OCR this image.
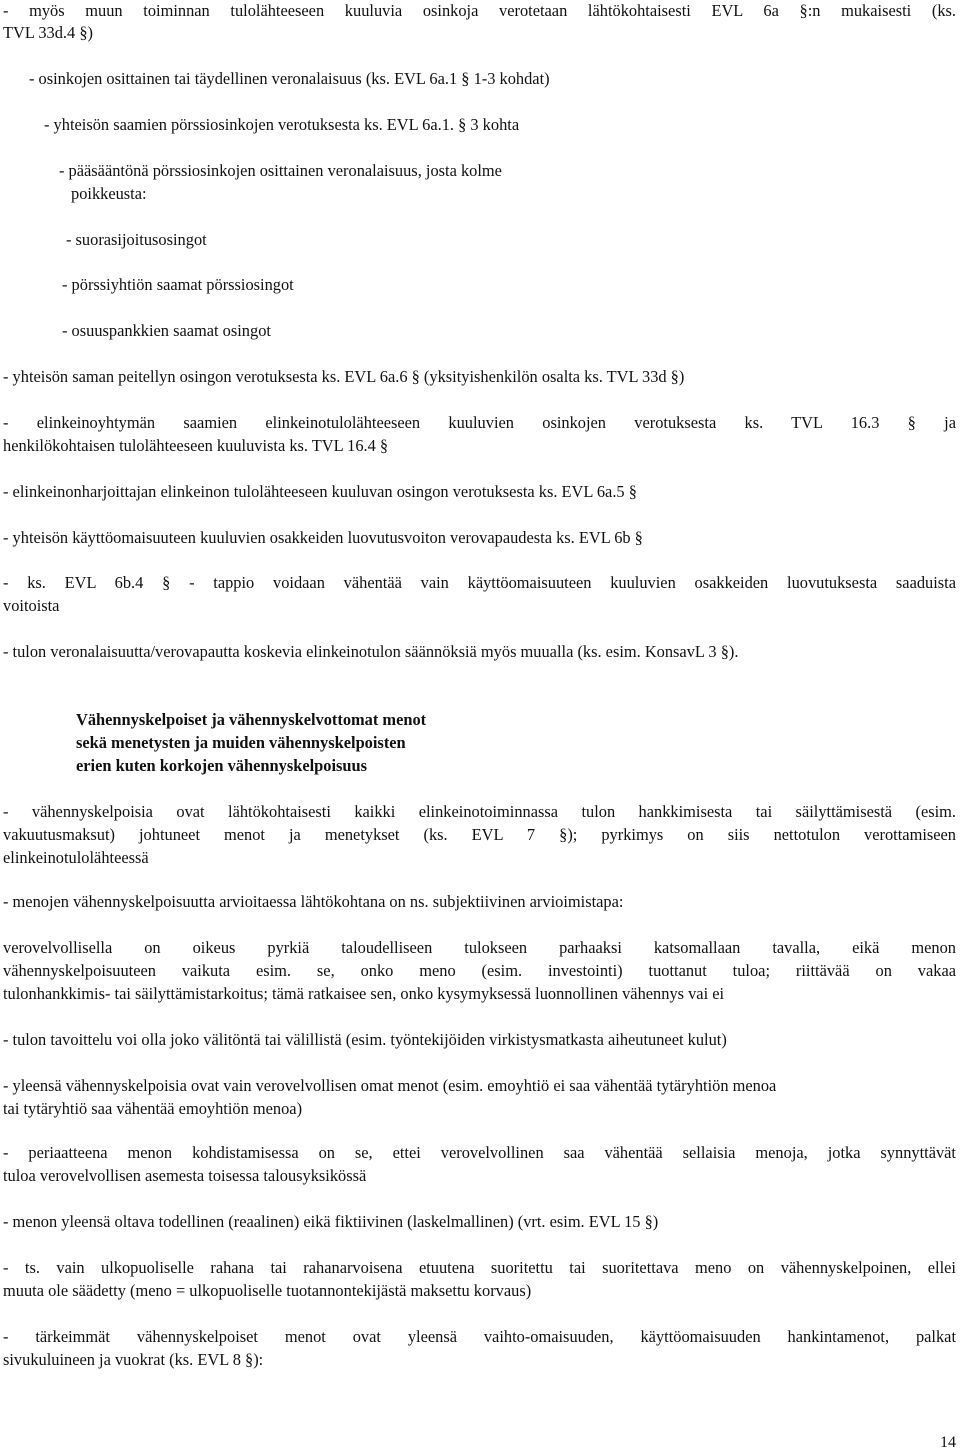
- myös muun toiminnan tulolähteeseen kuuluvia osinkoja verotetaan lähtökohtaisesti EVL 6a §:n mukaisesti (ks.
TVL 33d.4 §)
- osinkojen osittainen tai täydellinen veronalaisuus (ks. EVL 6a.1 § 1-3 kohdat)
- yhteisön saamien pörssiosinkojen verotuksesta ks. EVL 6a.1. § 3 kohta
- pääsääntönä pörssiosinkojen osittainen veronalaisuus, josta kolme
poikkeusta:
- suorasijoitusosingot
- pörssiyhtiön saamat pörssiosingot
- osuuspankkien saamat osingot
- yhteisön saman peitellyn osingon verotuksesta ks. EVL 6a.6 § (yksityishenkilön osalta ks. TVL 33d §)
- elinkeinoyhtymän saamien elinkeinotulolähteeseen kuuluvien osinkojen verotuksesta ks. TVL 16.3 § ja
henkilökohtaisen tulolähteeseen kuuluvista ks. TVL 16.4 §
- elinkeinonharjoittajan elinkeinon tulolähteeseen kuuluvan osingon verotuksesta ks. EVL 6a.5 §
- yhteisön käyttöomaisuuteen kuuluvien osakkeiden luovutusvoiton verovapaudesta ks. EVL 6b §
- ks. EVL 6b.4 § - tappio voidaan vähentää vain käyttöomaisuuteen kuuluvien osakkeiden luovutuksesta saaduista
voitoista
- tulon veronalaisuutta/verovapautta koskevia elinkeinotulon säännöksiä myös muualla (ks. esim. KonsavL 3 §).
Vähennyskelpoiset ja vähennyskelvottomat menot
sekä menetysten ja muiden vähennyskelpoisten
erien kuten korkojen vähennyskelpoisuus
- vähennyskelpoisia ovat lähtökohtaisesti kaikki elinkeinotoiminnassa tulon hankkimisesta tai säilyttämisestä (esim.
vakuutusmaksut) johtuneet menot ja menetykset (ks. EVL 7 §); pyrkimys on siis nettotulon verottamiseen
elinkeinotulolähteessä
- menojen vähennyskelpoisuutta arvioitaessa lähtökohtana on ns. subjektiivinen arvioimistapa:
verovelvollisella on oikeus pyrkiä taloudelliseen tulokseen parhaaksi katsomallaan tavalla, eikä menon
vähennyskelpoisuuteen vaikuta esim. se, onko meno (esim. investointi) tuottanut tuloa; riittävää on vakaa
tulonhankkimis- tai säilyttämistarkoitus; tämä ratkaisee sen, onko kysymyksessä luonnollinen vähennys vai ei
- tulon tavoittelu voi olla joko välitöntä tai välillistä (esim. työntekijöiden virkistysmatkasta aiheutuneet kulut)
- yleensä vähennyskelpoisia ovat vain verovelvollisen omat menot (esim. emoyhtiö ei saa vähentää tytäryhtiön menoa
tai tytäryhtiö saa vähentää emoyhtiön menoa)
- periaatteena menon kohdistamisessa on se, ettei verovelvollinen saa vähentää sellaisia menoja, jotka synnyttävät
tuloa verovelvollisen asemesta toisessa talousyksikössä
- menon yleensä oltava todellinen (reaalinen) eikä fiktiivinen (laskelmallinen) (vrt. esim. EVL 15 §)
- ts. vain ulkopuoliselle rahana tai rahanarvoisena etuutena suoritettu tai suoritettava meno on vähennyskelpoinen, ellei
muuta ole säädetty (meno = ulkopuoliselle tuotannontekijästä maksettu korvaus)
- tärkeimmät vähennyskelpoiset menot ovat yleensä vaihto-omaisuuden, käyttöomaisuuden hankintamenot, palkat
sivukuluineen ja vuokrat (ks. EVL 8 §):
14
